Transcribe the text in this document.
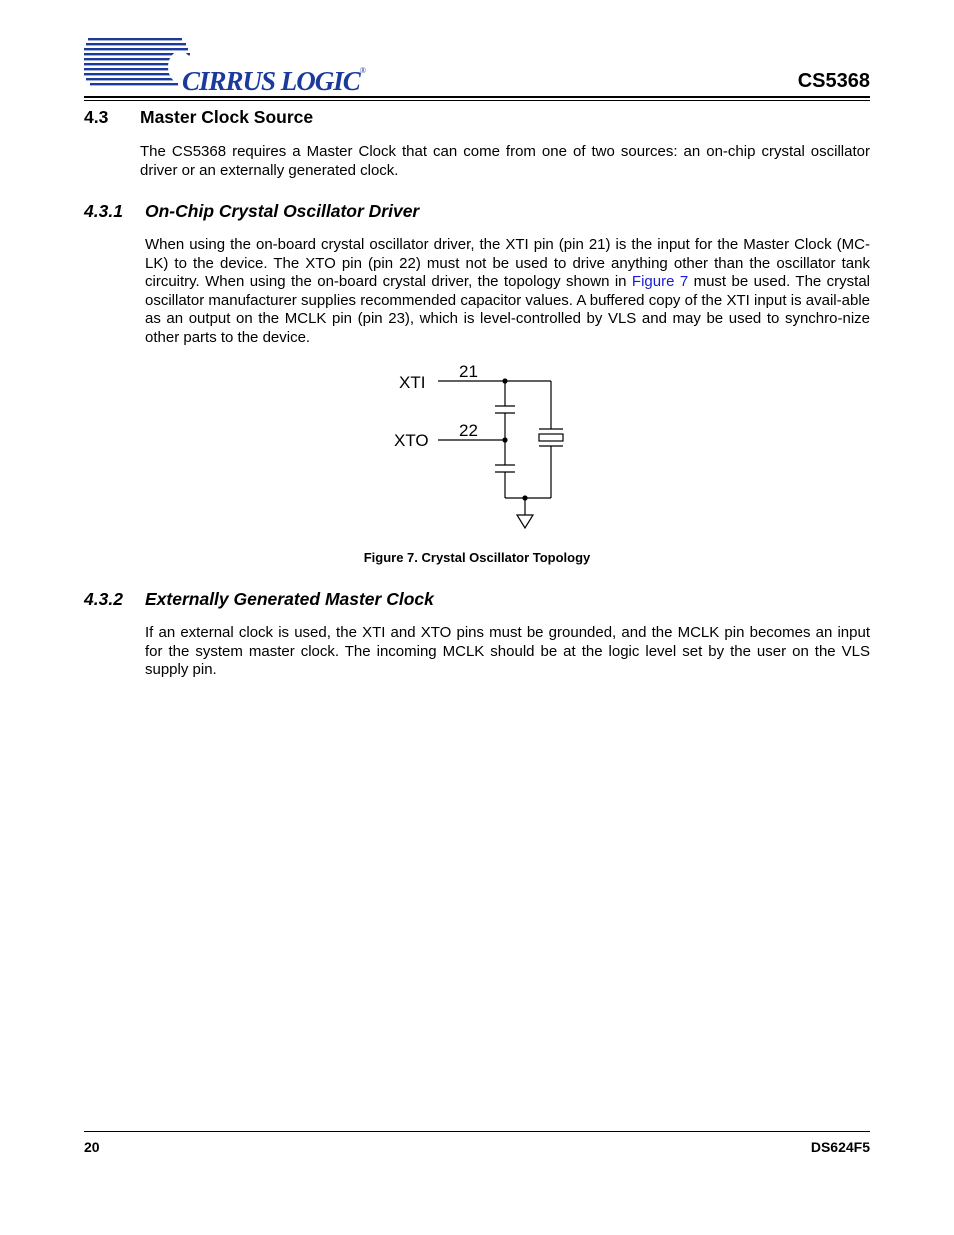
CIRRUS LOGIC®	CS5368
4.3 Master Clock Source
The CS5368 requires a Master Clock that can come from one of two sources: an on-chip crystal oscillator driver or an externally generated clock.
4.3.1 On-Chip Crystal Oscillator Driver
When using the on-board crystal oscillator driver, the XTI pin (pin 21) is the input for the Master Clock (MC-LK) to the device. The XTO pin (pin 22) must not be used to drive anything other than the oscillator tank circuitry. When using the on-board crystal driver, the topology shown in Figure 7 must be used. The crystal oscillator manufacturer supplies recommended capacitor values. A buffered copy of the XTI input is avail-able as an output on the MCLK pin (pin 23), which is level-controlled by VLS and may be used to synchro-nize other parts to the device.
XTI
21
XTO
22
Figure 7. Crystal Oscillator Topology
4.3.2 Externally Generated Master Clock
If an external clock is used, the XTI and XTO pins must be grounded, and the MCLK pin becomes an input for the system master clock. The incoming MCLK should be at the logic level set by the user on the VLS supply pin.
20	DS624F5
